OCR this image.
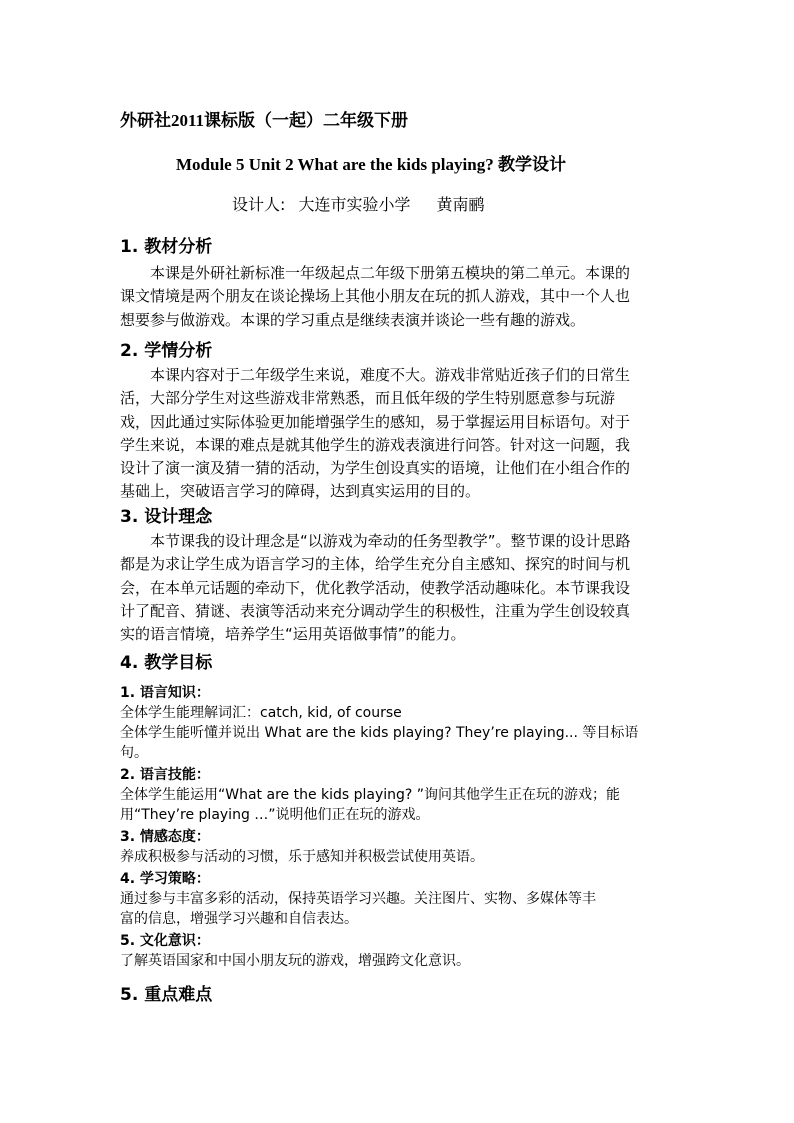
外研社2011课标版（一起）二年级下册
Module 5 Unit 2 What are the kids playing? 教学设计
设计人: 大连市实验小学 黄南鹂
1. 教材分析
本课是外研社新标准一年级起点二年级下册第五模块的第二单元。本课的
课文情境是两个朋友在谈论操场上其他小朋友在玩的抓人游戏，其中一个人也
想要参与做游戏。本课的学习重点是继续表演并谈论一些有趣的游戏。
2. 学情分析
本课内容对于二年级学生来说，难度不大。游戏非常贴近孩子们的日常生
活，大部分学生对这些游戏非常熟悉，而且低年级的学生特别愿意参与玩游
戏，因此通过实际体验更加能增强学生的感知，易于掌握运用目标语句。对于
学生来说，本课的难点是就其他学生的游戏表演进行问答。针对这一问题，我
设计了演一演及猜一猜的活动，为学生创设真实的语境，让他们在小组合作的
基础上，突破语言学习的障碍，达到真实运用的目的。
3. 设计理念
本节课我的设计理念是“以游戏为牵动的任务型教学”。整节课的设计思路
都是为求让学生成为语言学习的主体，给学生充分自主感知、探究的时间与机
会，在本单元话题的牵动下，优化教学活动，使教学活动趣味化。本节课我设
计了配音、猜谜、表演等活动来充分调动学生的积极性，注重为学生创设较真
实的语言情境，培养学生“运用英语做事情”的能力。
4. 教学目标
1. 语言知识：
全体学生能理解词汇：catch, kid, of course
全体学生能听懂并说出 What are the kids playing? They’re playing... 等目标语
句。
2. 语言技能：
全体学生能运用“What are the kids playing? ”询问其他学生正在玩的游戏；能
用“They’re playing …”说明他们正在玩的游戏。
3. 情感态度：
养成积极参与活动的习惯，乐于感知并积极尝试使用英语。
4. 学习策略：
通过参与丰富多彩的活动，保持英语学习兴趣。关注图片、实物、多媒体等丰
富的信息，增强学习兴趣和自信表达。
5. 文化意识：
了解英语国家和中国小朋友玩的游戏，增强跨文化意识。
5. 重点难点
